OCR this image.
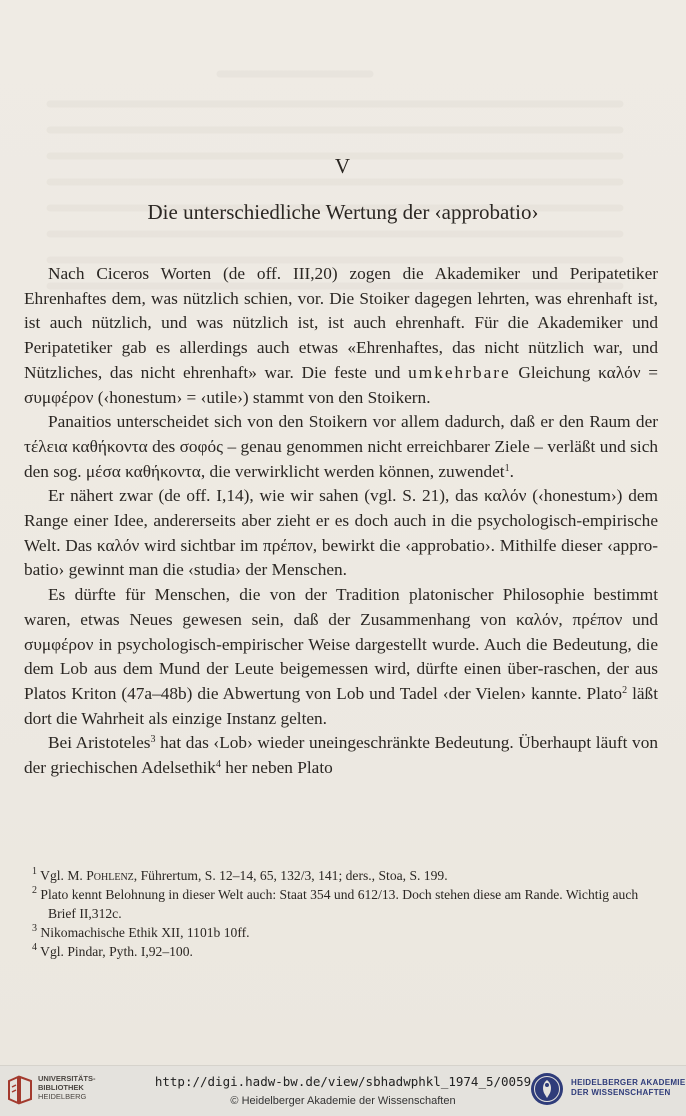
V
Die unterschiedliche Wertung der ‹approbatio›

Nach Ciceros Worten (de off. III,20) zogen die Akademiker und Peripatetiker Ehrenhaftes dem, was nützlich schien, vor. Die Stoiker dagegen lehrten, was ehrenhaft ist, ist auch nützlich, und was nützlich ist, ist auch ehrenhaft. Für die Akademiker und Peripatetiker gab es allerdings auch etwas «Ehrenhaftes, das nicht nützlich war, und Nützliches, das nicht ehrenhaft» war. Die feste und umkehrbare Gleichung καλόν = συμφέρον (‹honestum› = ‹utile›) stammt von den Stoikern.

Panaitios unterscheidet sich von den Stoikern vor allem dadurch, daß er den Raum der τέλεια καθήκοντα des σοφός – genau genommen nicht erreichbarer Ziele – verläßt und sich den sog. μέσα καθήκοντα, die verwirklicht werden können, zuwendet$^1$.

Er nähert zwar (de off. I,14), wie wir sahen (vgl. S. 21), das καλόν (‹honestum›) dem Range einer Idee, andererseits aber zieht er es doch auch in die psychologisch-empirische Welt. Das καλόν wird sichtbar im πρέπον, bewirkt die ‹approbatio›. Mithilfe dieser ‹appro-batio› gewinnt man die ‹studia› der Menschen.

Es dürfte für Menschen, die von der Tradition platonischer Philosophie bestimmt waren, etwas Neues gewesen sein, daß der Zusammenhang von καλόν, πρέπον und συμφέρον in psychologisch-empirischer Weise dargestellt wurde. Auch die Bedeutung, die dem Lob aus dem Mund der Leute beigemessen wird, dürfte einen über-raschen, der aus Platos Kriton (47a–48b) die Abwertung von Lob und Tadel ‹der Vielen› kannte. Plato$^2$ läßt dort die Wahrheit als einzige Instanz gelten.

Bei Aristoteles$^3$ hat das ‹Lob› wieder uneingeschränkte Bedeutung. Überhaupt läuft von der griechischen Adelsethik$^4$ her neben Plato

$^1$ Vgl. M. Pohlenz, Führertum, S. 12–14, 65, 132/3, 141; ders., Stoa, S. 199.
$^2$ Plato kennt Belohnung in dieser Welt auch: Staat 354 und 612/13. Doch stehen diese am Rande. Wichtig auch Brief II,312c.
$^3$ Nikomachische Ethik XII, 1101b 10ff.
$^4$ Vgl. Pindar, Pyth. I,92–100.
UNIVERSITÄTS-
BIBLIOTHEK
HEIDELBERG
http://digi.hadw-bw.de/view/sbhadwphkl_1974_5/0059
© Heidelberger Akademie der Wissenschaften
HEIDELBERGER AKADEMIE
DER WISSENSCHAFTEN
